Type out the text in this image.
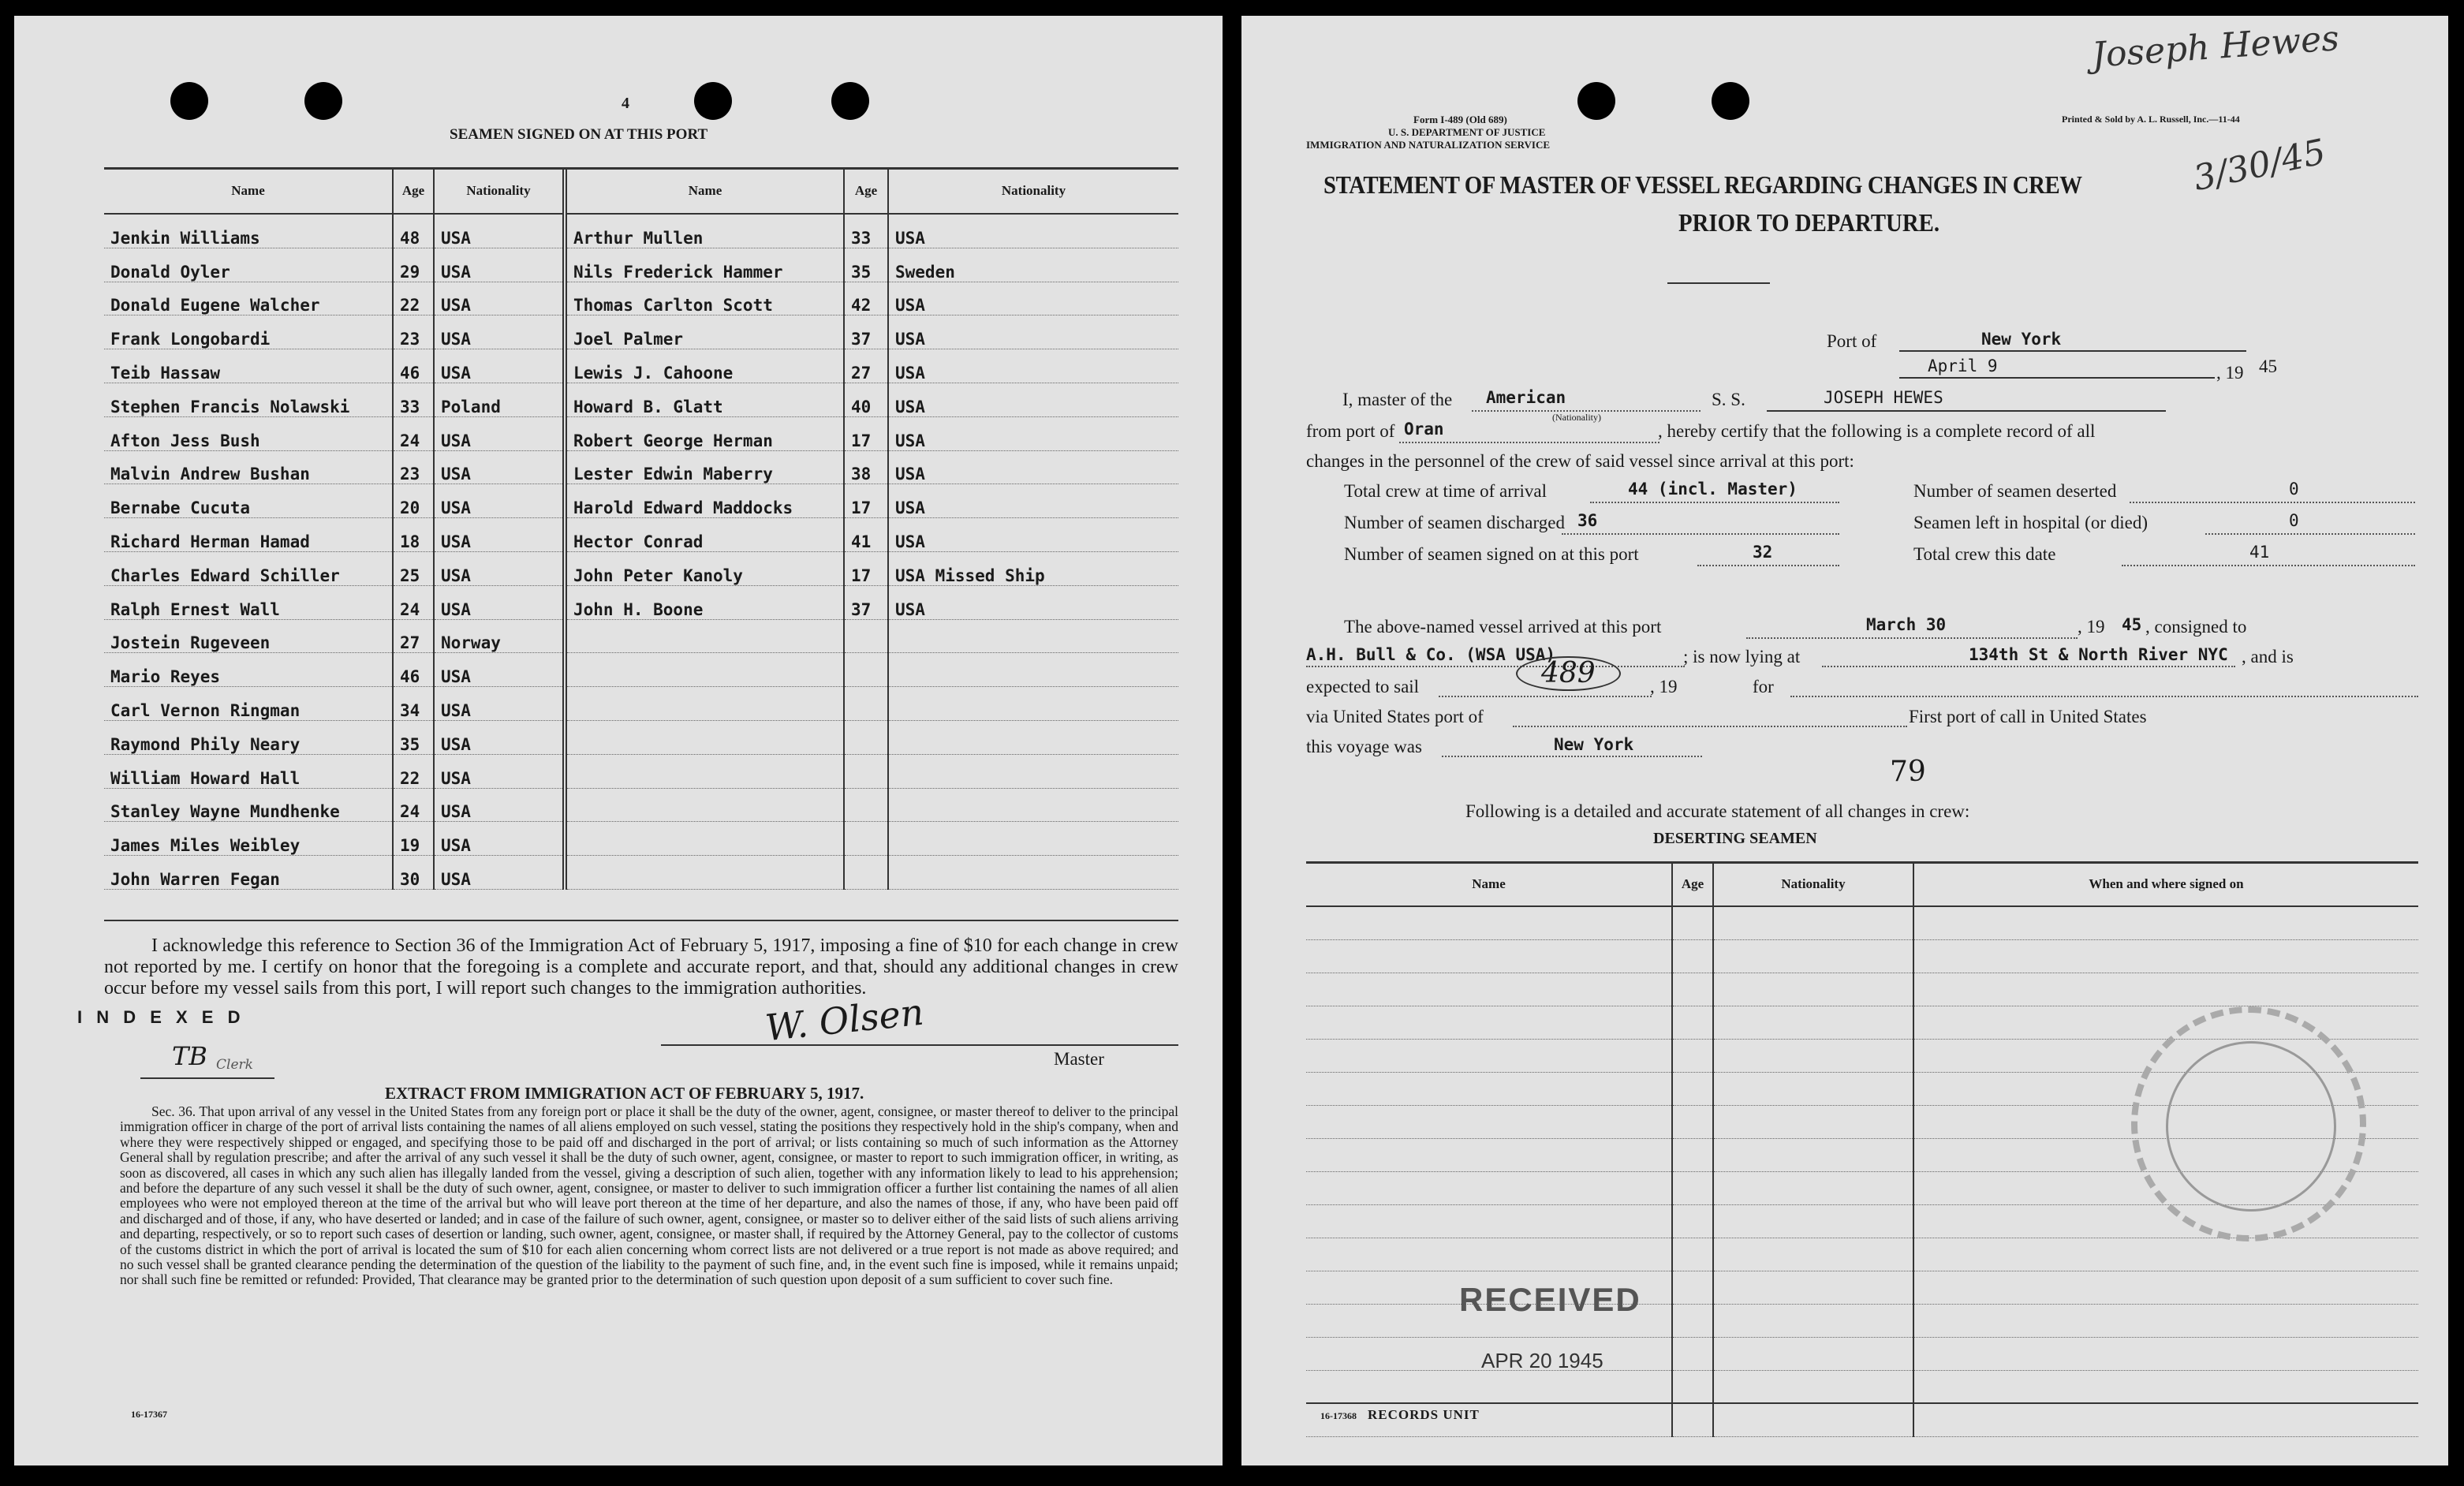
4
SEAMEN SIGNED ON AT THIS PORT
Name	Age	Nationality	Name	Age	Nationality
Jenkin Williams	48	USA	Arthur Mullen	33	USA
Donald Oyler	29	USA	Nils Frederick Hammer	35	Sweden
Donald Eugene Walcher	22	USA	Thomas Carlton Scott	42	USA
Frank Longobardi	23	USA	Joel Palmer	37	USA
Teib Hassaw	46	USA	Lewis J. Cahoone	27	USA
Stephen Francis Nolawski	33	Poland	Howard B. Glatt	40	USA
Afton Jess Bush	24	USA	Robert George Herman	17	USA
Malvin Andrew Bushan	23	USA	Lester Edwin Maberry	38	USA
Bernabe Cucuta	20	USA	Harold Edward Maddocks	17	USA
Richard Herman Hamad	18	USA	Hector Conrad	41	USA
Charles Edward Schiller	25	USA	John Peter Kanoly	17	USA Missed Ship
Ralph Ernest Wall	24	USA	John H. Boone	37	USA
Jostein Rugeveen	27	Norway			
Mario Reyes	46	USA			
Carl Vernon Ringman	34	USA			
Raymond Phily Neary	35	USA			
William Howard Hall	22	USA			
Stanley Wayne Mundhenke	24	USA			
James Miles Weibley	19	USA			
John Warren Fegan	30	USA			
I acknowledge this reference to Section 36 of the Immigration Act of February 5, 1917, imposing a fine of $10 for each change in crew not reported by me. I certify on honor that the foregoing is a complete and accurate report, and that, should any additional changes in crew occur before my vessel sails from this port, I will report such changes to the immigration authorities.
I N D E X E D	W. Olsen
Master
TB Clerk
EXTRACT FROM IMMIGRATION ACT OF FEBRUARY 5, 1917.
Sec. 36. That upon arrival of any vessel in the United States from any foreign port or place it shall be the duty of the owner, agent, consignee, or master thereof to deliver to the principal immigration officer in charge of the port of arrival lists containing the names of all aliens employed on such vessel, stating the positions they respectively hold in the ship's company, when and where they were respectively shipped or engaged, and specifying those to be paid off and discharged in the port of arrival; or lists containing so much of such information as the Attorney General shall by regulation prescribe; and after the arrival of any such vessel it shall be the duty of such owner, agent, consignee, or master to report to such immigration officer, in writing, as soon as discovered, all cases in which any such alien has illegally landed from the vessel, giving a description of such alien, together with any information likely to lead to his apprehension; and before the departure of any such vessel it shall be the duty of such owner, agent, consignee, or master to deliver to such immigration officer a further list containing the names of all alien employees who were not employed thereon at the time of the arrival but who will leave port thereon at the time of her departure, and also the names of those, if any, who have been paid off and discharged and of those, if any, who have deserted or landed; and in case of the failure of such owner, agent, consignee, or master so to deliver either of the said lists of such aliens arriving and departing, respectively, or so to report such cases of desertion or landing, such owner, agent, consignee, or master shall, if required by the Attorney General, pay to the collector of customs of the customs district in which the port of arrival is located the sum of $10 for each alien concerning whom correct lists are not delivered or a true report is not made as above required; and no such vessel shall be granted clearance pending the determination of the question of the liability to the payment of such fine, and, in the event such fine is imposed, while it remains unpaid; nor shall such fine be remitted or refunded: Provided, That clearance may be granted prior to the determination of such question upon deposit of a sum sufficient to cover such fine.
16-17367
Joseph Hewes
3/30/45
Form I-489 (Old 689)
U. S. DEPARTMENT OF JUSTICE
IMMIGRATION AND NATURALIZATION SERVICE
Printed & Sold by A. L. Russell, Inc.—11-44
STATEMENT OF MASTER OF VESSEL REGARDING CHANGES IN CREW
PRIOR TO DEPARTURE.
Port of	New York
April 9	, 19 45
I, master of the American
(Nationality)
S. S.	JOSEPH HEWES
from port of Oran	, hereby certify that the following is a complete record of all
changes in the personnel of the crew of said vessel since arrival at this port:
Total crew at time of arrival	44 (incl. Master)	Number of seamen deserted	0
Number of seamen discharged 36	Seamen left in hospital (or died)	0
Number of seamen signed on at this port	32	Total crew this date	41
The above-named vessel arrived at this port	March 30	, 19 45 , consigned to
A.H. Bull & Co. (WSA USA)
489
; is now lying at	134th St & North River NYC , and is
expected to sail	, 19	for
via United States port of	First port of call in United States
this voyage was	New York
79
Following is a detailed and accurate statement of all changes in crew:
DESERTING SEAMEN
Name	Age	Nationality	When and where signed on

RECEIVED
APR 20 1945
16-17368 RECORDS UNIT
